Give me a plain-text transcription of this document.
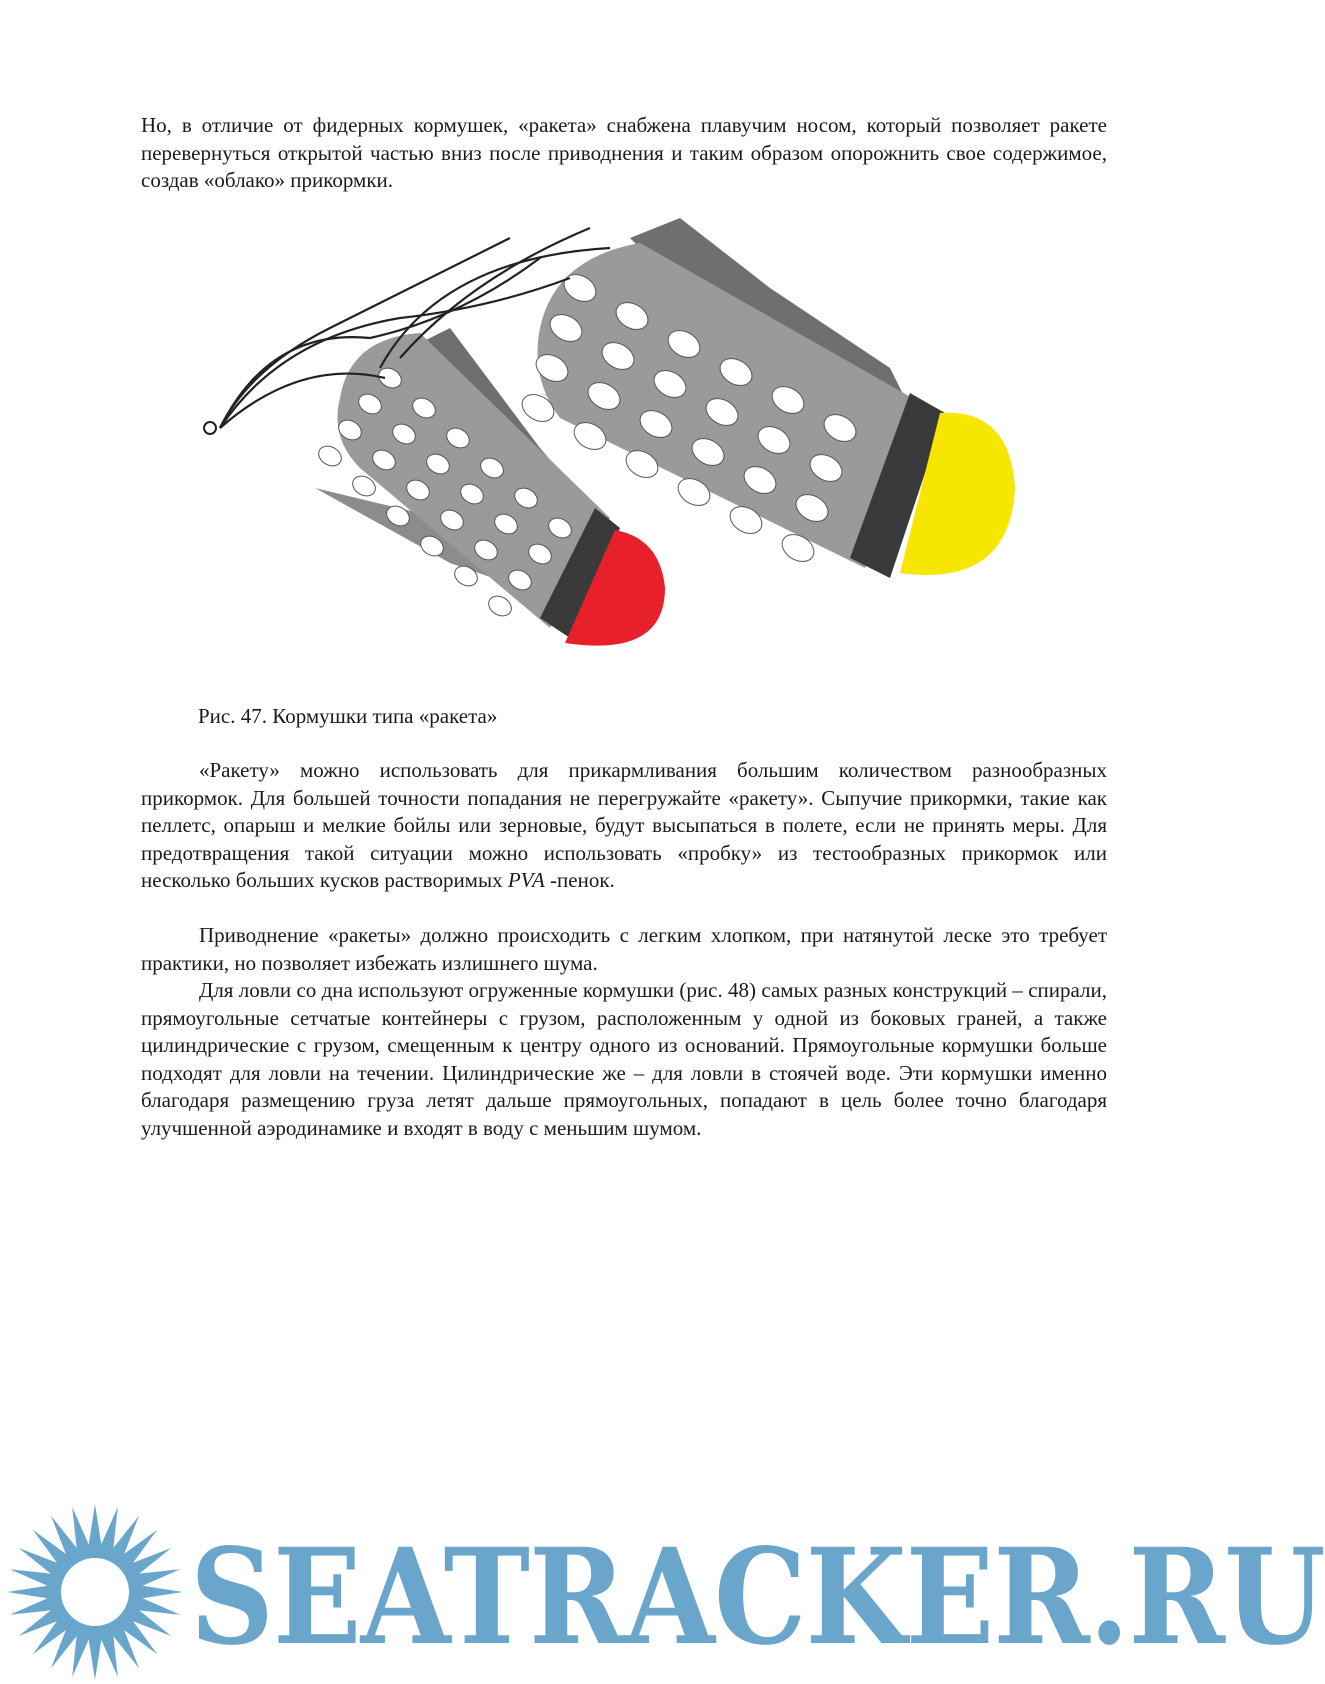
Но, в отличие от фидерных кормушек, «ракета» снабжена плавучим носом, который позволяет ракете перевернуться открытой частью вниз после приводнения и таким образом опорожнить свое содержимое, создав «облако» прикормки.

Рис. 47. Кормушки типа «ракета»

«Ракету» можно использовать для прикармливания большим количеством разнообразных прикормок. Для большей точности попадания не перегружайте «ракету». Сыпучие прикормки, такие как пеллетс, опарыш и мелкие бойлы или зерновые, будут высыпаться в полете, если не принять меры. Для предотвращения такой ситуации можно использовать «пробку» из тестообразных прикормок или несколько больших кусков растворимых PVA -пенок.

Приводнение «ракеты» должно происходить с легким хлопком, при натянутой леске это требует практики, но позволяет избежать излишнего шума.

Для ловли со дна используют огруженные кормушки (рис. 48) самых разных конструкций – спирали, прямоугольные сетчатые контейнеры с грузом, расположенным у одной из боковых граней, а также цилиндрические с грузом, смещенным к центру одного из оснований. Прямоугольные кормушки больше подходят для ловли на течении. Цилиндрические же – для ловли в стоячей воде. Эти кормушки именно благодаря размещению груза летят дальше прямоугольных, попадают в цель более точно благодаря улучшенной аэродинамике и входят в воду с меньшим шумом.

SEATRACKER.RU
